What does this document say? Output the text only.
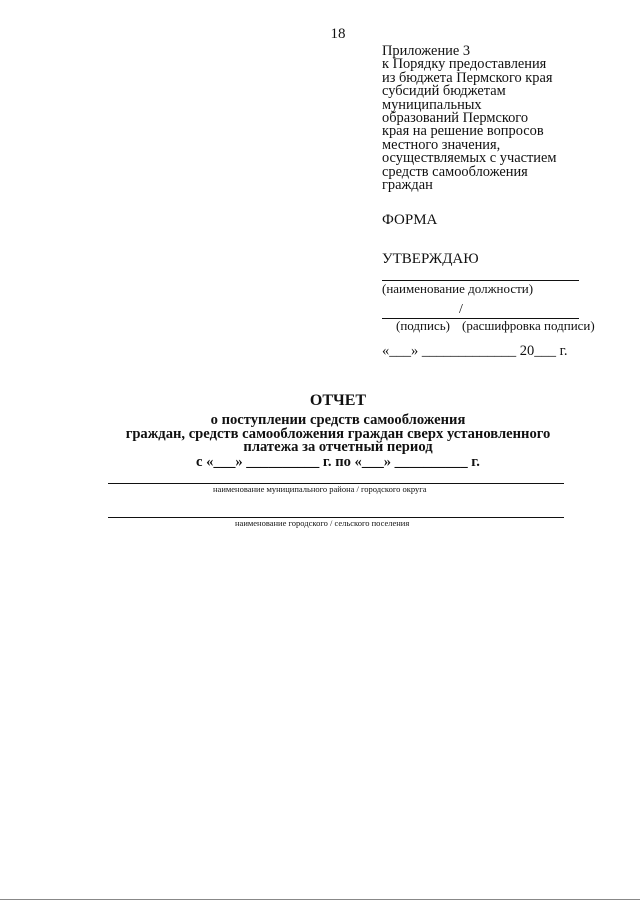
18
Приложение 3
к Порядку предоставления
из бюджета Пермского края
субсидий бюджетам
муниципальных
образований Пермского
края на решение вопросов
местного значения,
осуществляемых с участием
средств самообложения
граждан
ФОРМА
УТВЕРЖДАЮ
(наименование должности)
/
(подпись) (расшифровка подписи)
«___» _____________ 20___ г.
ОТЧЕТ
о поступлении средств самообложения
граждан, средств самообложения граждан сверх установленного
платежа за отчетный период
с «___» __________ г. по «___» __________ г.
наименование муниципального района / городского округа
наименование городского / сельского поселения
